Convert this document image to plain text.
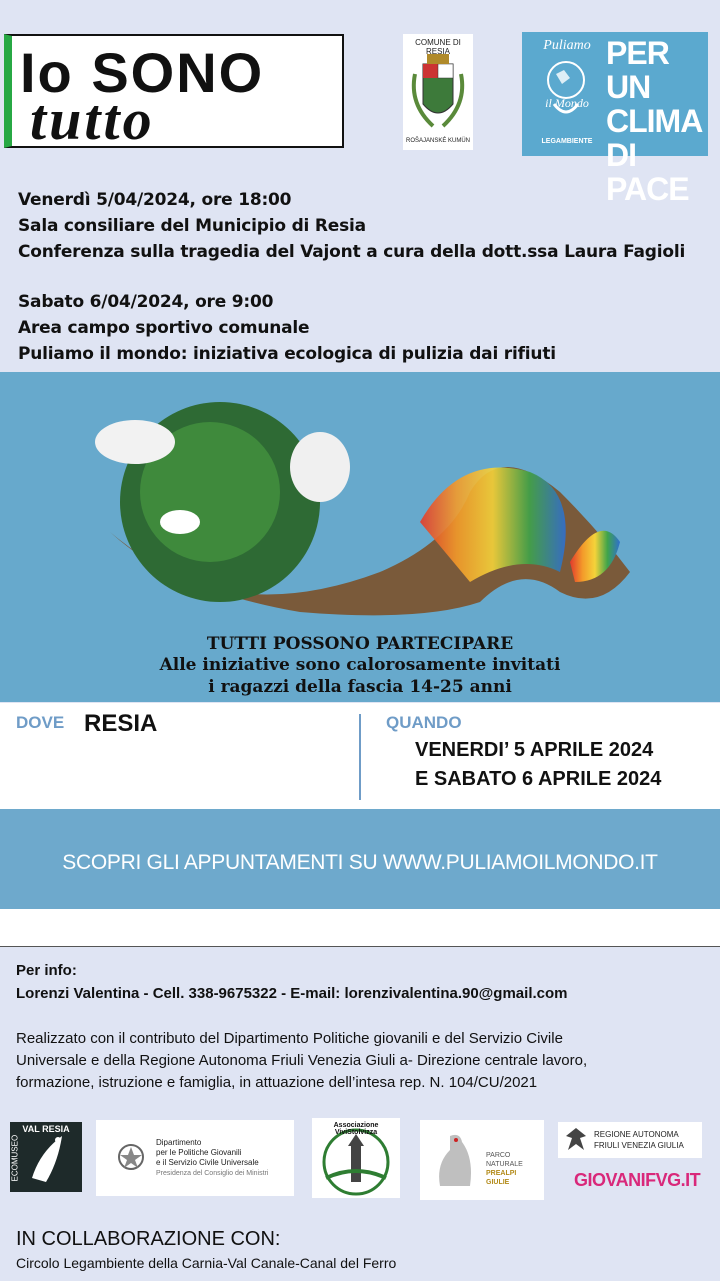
Io SONO
tutto
COMUNE DI RESIA
ROŠAJANSKÉ KUMÜN
Puliamo
il Mondo
LEGAMBIENTE
PER UN CLIMA DI PACE
Venerdì 5/04/2024, ore 18:00
Sala consiliare del Municipio di Resia
Conferenza sulla tragedia del Vajont a cura della dott.ssa Laura Fagioli
Sabato 6/04/2024, ore 9:00
Area campo sportivo comunale
Puliamo il mondo: iniziativa ecologica di pulizia dai rifiuti
TUTTI POSSONO PARTECIPARE
Alle iniziative sono calorosamente invitati
i ragazzi della fascia 14-25 anni
DOVE RESIA	QUANDO
VENERDI’ 5 APRILE 2024
E SABATO 6 APRILE 2024
SCOPRI GLI APPUNTAMENTI SU WWW.PULIAMOILMONDO.IT
Per info:
Lorenzi Valentina - Cell. 338-9675322 - E-mail: lorenzivalentina.90@gmail.com
Realizzato con il contributo del Dipartimento Politiche giovanili e del Servizio Civile
Universale e della Regione Autonoma Friuli Venezia Giuli a- Direzione centrale lavoro,
formazione, istruzione e famiglia, in attuazione dell’intesa rep. N. 104/CU/2021
VAL RESIA
ECOMUSEO	Dipartimento
per le Politiche Giovanili
e il Servizio Civile Universale
Presidenza del Consiglio dei Ministri
Associazione ViviStolvizza
PARCO
NATURALE
PREALPI
GIULIE
REGIONE AUTONOMA
FRIULI VENEZIA GIULIA
GIOVANIFVG.IT
IN COLLABORAZIONE CON:
Circolo Legambiente della Carnia-Val Canale-Canal del Ferro
